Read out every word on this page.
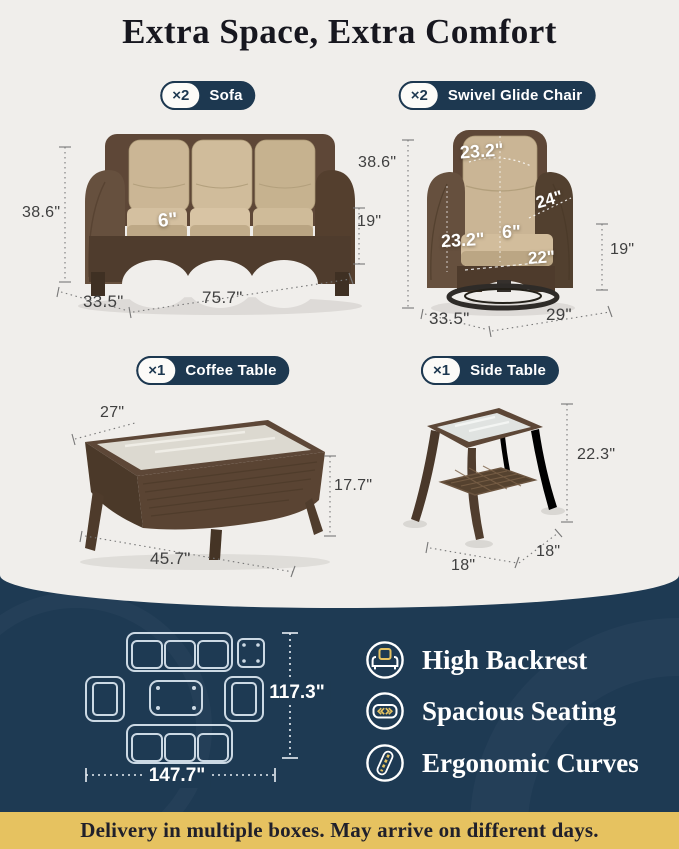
Extra Space, Extra Comfort
×2	Sofa
38.6"	6"	19"
33.5"	75.7"
×2	Swivel Glide Chair
38.6"
23.2"
24"
6"
23.2"
22"	19"
33.5"	29"
×1	Coffee Table
27"
17.7"
45.7"
×1	Side Table
22.3"
18"
18"
117.3"
147.7"
High Backrest
Spacious Seating
Ergonomic Curves
Delivery in multiple boxes. May arrive on different days.
